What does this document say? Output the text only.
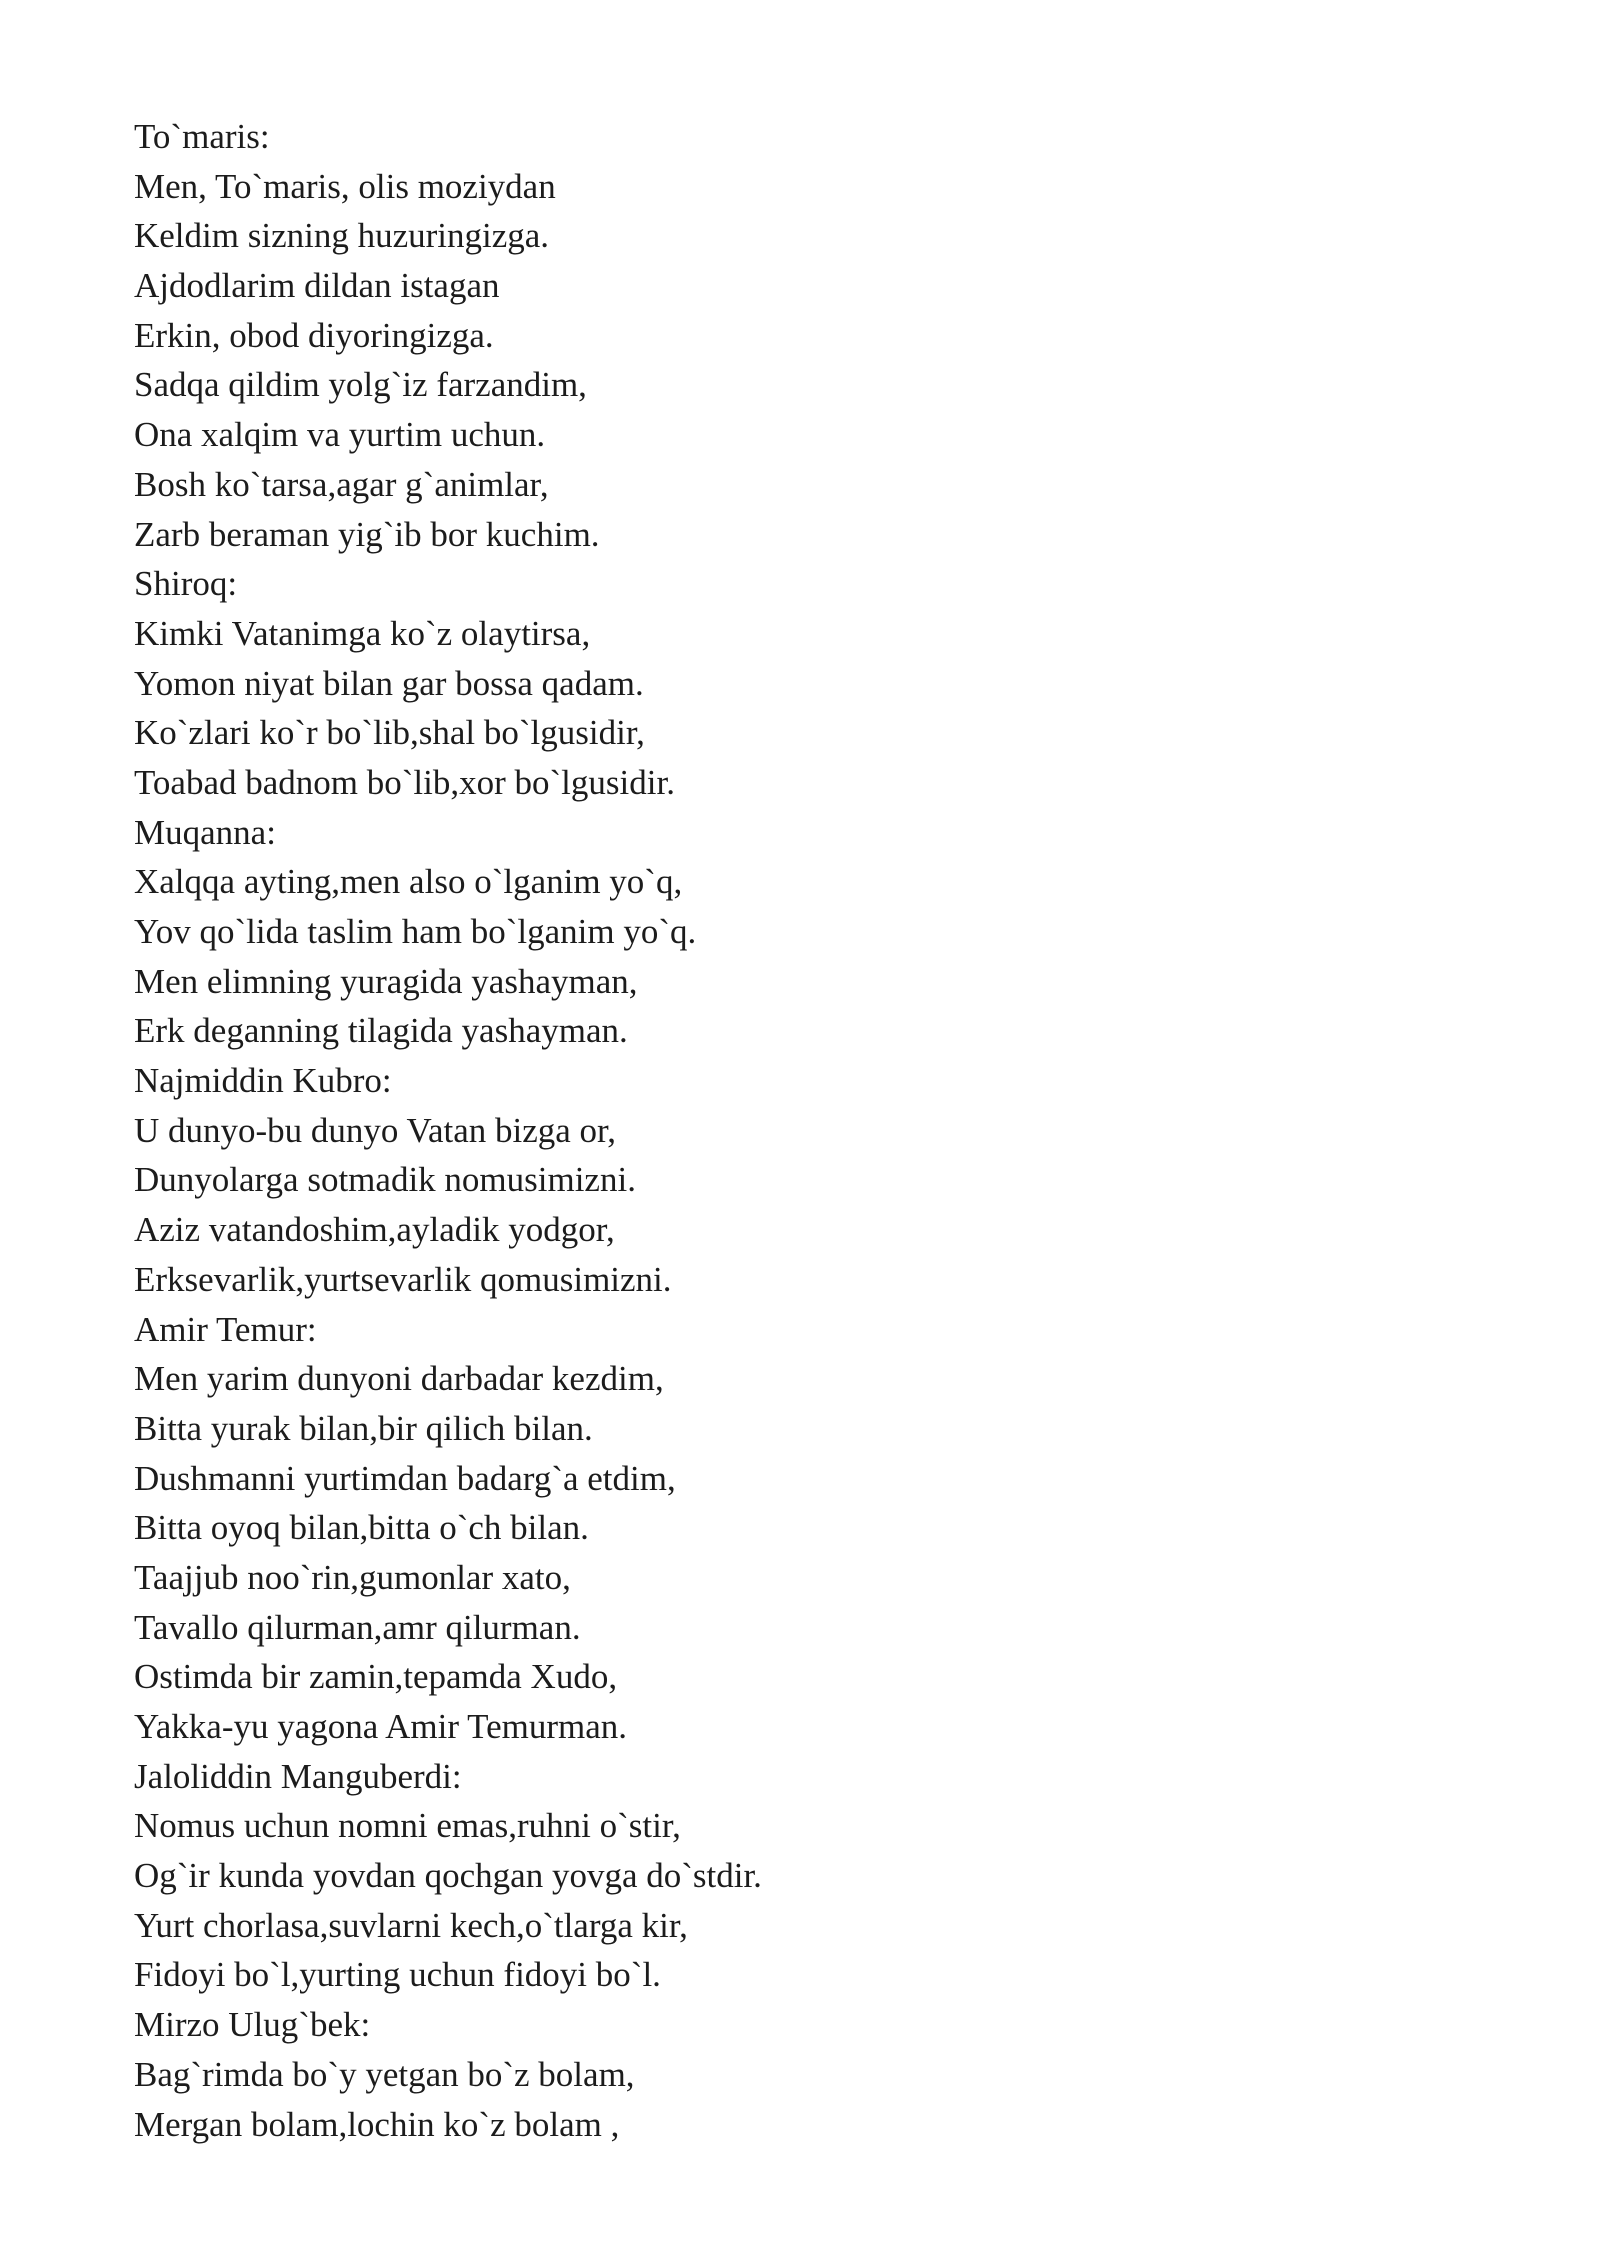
To`maris:
Men, To`maris, olis moziydan
Keldim sizning huzuringizga.
Ajdodlarim dildan istagan
Erkin, obod diyoringizga.
Sadqa qildim yolg`iz farzandim,
Ona xalqim va yurtim uchun.
Bosh ko`tarsa,agar g`animlar,
Zarb beraman yig`ib bor kuchim.
Shiroq:
Kimki Vatanimga ko`z olaytirsa,
Yomon niyat bilan gar bossa qadam.
Ko`zlari ko`r bo`lib,shal bo`lgusidir,
Toabad badnom bo`lib,xor bo`lgusidir.
Muqanna:
Xalqqa ayting,men also o`lganim yo`q,
Yov qo`lida taslim ham bo`lganim yo`q.
Men elimning yuragida yashayman,
Erk deganning tilagida yashayman.
Najmiddin Kubro:
U dunyo-bu dunyo Vatan bizga or,
Dunyolarga sotmadik nomusimizni.
Aziz vatandoshim,ayladik yodgor,
Erksevarlik,yurtsevarlik qomusimizni.
Amir Temur:
Men yarim dunyoni darbadar kezdim,
Bitta yurak bilan,bir qilich bilan.
Dushmanni yurtimdan badarg`a etdim,
Bitta oyoq bilan,bitta o`ch bilan.
Taajjub noo`rin,gumonlar xato,
Tavallo qilurman,amr qilurman.
Ostimda bir zamin,tepamda Xudo,
Yakka-yu yagona Amir Temurman.
Jaloliddin Manguberdi:
Nomus uchun nomni emas,ruhni o`stir,
Og`ir kunda yovdan qochgan yovga do`stdir.
Yurt chorlasa,suvlarni kech,o`tlarga kir,
Fidoyi bo`l,yurting uchun fidoyi bo`l.
Mirzo Ulug`bek:
Bag`rimda bo`y yetgan bo`z bolam,
Mergan bolam,lochin ko`z bolam ,
